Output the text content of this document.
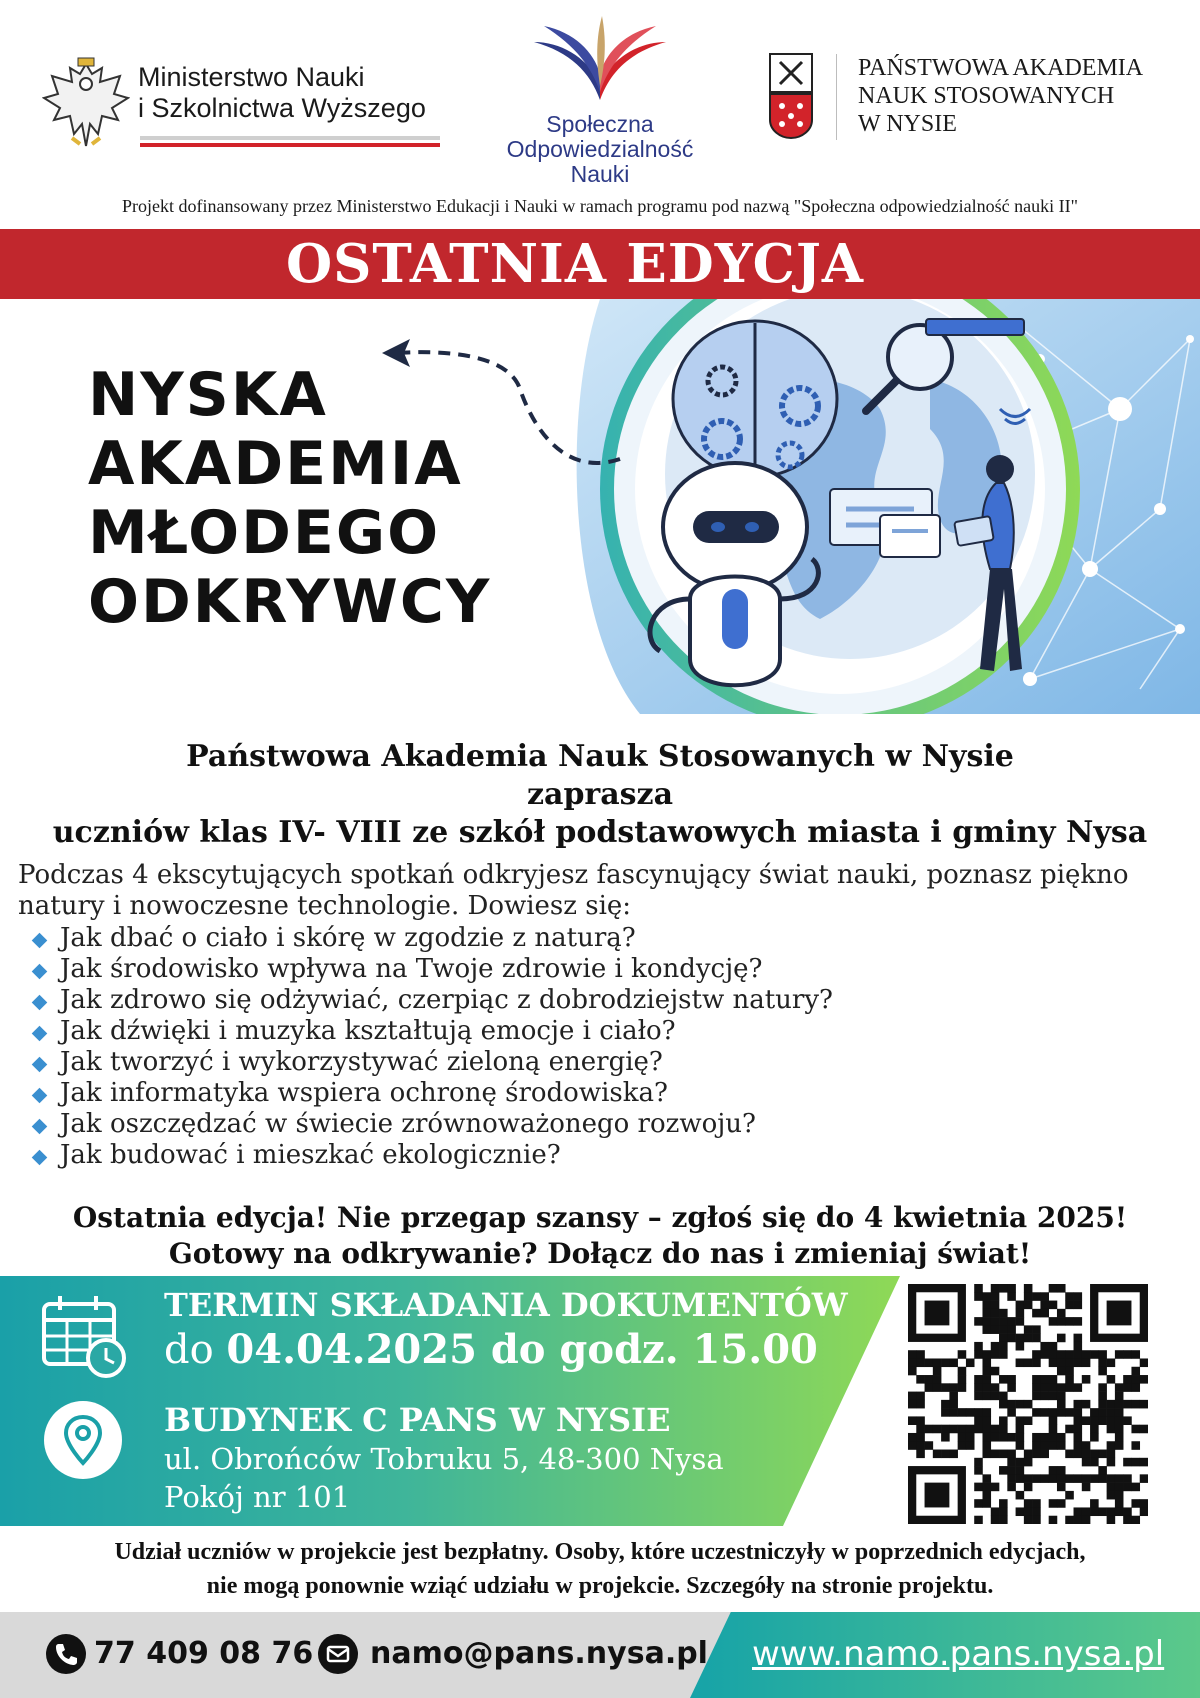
Ministerstwo Nauki
i Szkolnictwa Wyższego
Społeczna
Odpowiedzialność
Nauki
PAŃSTWOWA AKADEMIA
NAUK STOSOWANYCH
W NYSIE
Projekt dofinansowany przez Ministerstwo Edukacji i Nauki w ramach programu pod nazwą "Społeczna odpowiedzialność nauki II"
OSTATNIA EDYCJA
NYSKA
AKADEMIA
MŁODEGO
ODKRYWCY
Państwowa Akademia Nauk Stosowanych w Nysie
zaprasza
uczniów klas IV- VIII ze szkół podstawowych miasta i gminy Nysa
Podczas 4 ekscytujących spotkań odkryjesz fascynujący świat nauki, poznasz piękno
natury i nowoczesne technologie. Dowiesz się:
Jak dbać o ciało i skórę w zgodzie z naturą?
Jak środowisko wpływa na Twoje zdrowie i kondycję?
Jak zdrowo się odżywiać, czerpiąc z dobrodziejstw natury?
Jak dźwięki i muzyka kształtują emocje i ciało?
Jak tworzyć i wykorzystywać zieloną energię?
Jak informatyka wspiera ochronę środowiska?
Jak oszczędzać w świecie zrównoważonego rozwoju?
Jak budować i mieszkać ekologicznie?
Ostatnia edycja! Nie przegap szansy – zgłoś się do 4 kwietnia 2025!
Gotowy na odkrywanie? Dołącz do nas i zmieniaj świat!
TERMIN SKŁADANIA DOKUMENTÓW
do 04.04.2025 do godz. 15.00
BUDYNEK C PANS W NYSIE
ul. Obrońców Tobruku 5, 48-300 Nysa
Pokój nr 101
Udział uczniów w projekcie jest bezpłatny. Osoby, które uczestniczyły w poprzednich edycjach,
nie mogą ponownie wziąć udziału w projekcie. Szczegóły na stronie projektu.
77 409 08 76 namo@pans.nysa.pl www.namo.pans.nysa.pl
